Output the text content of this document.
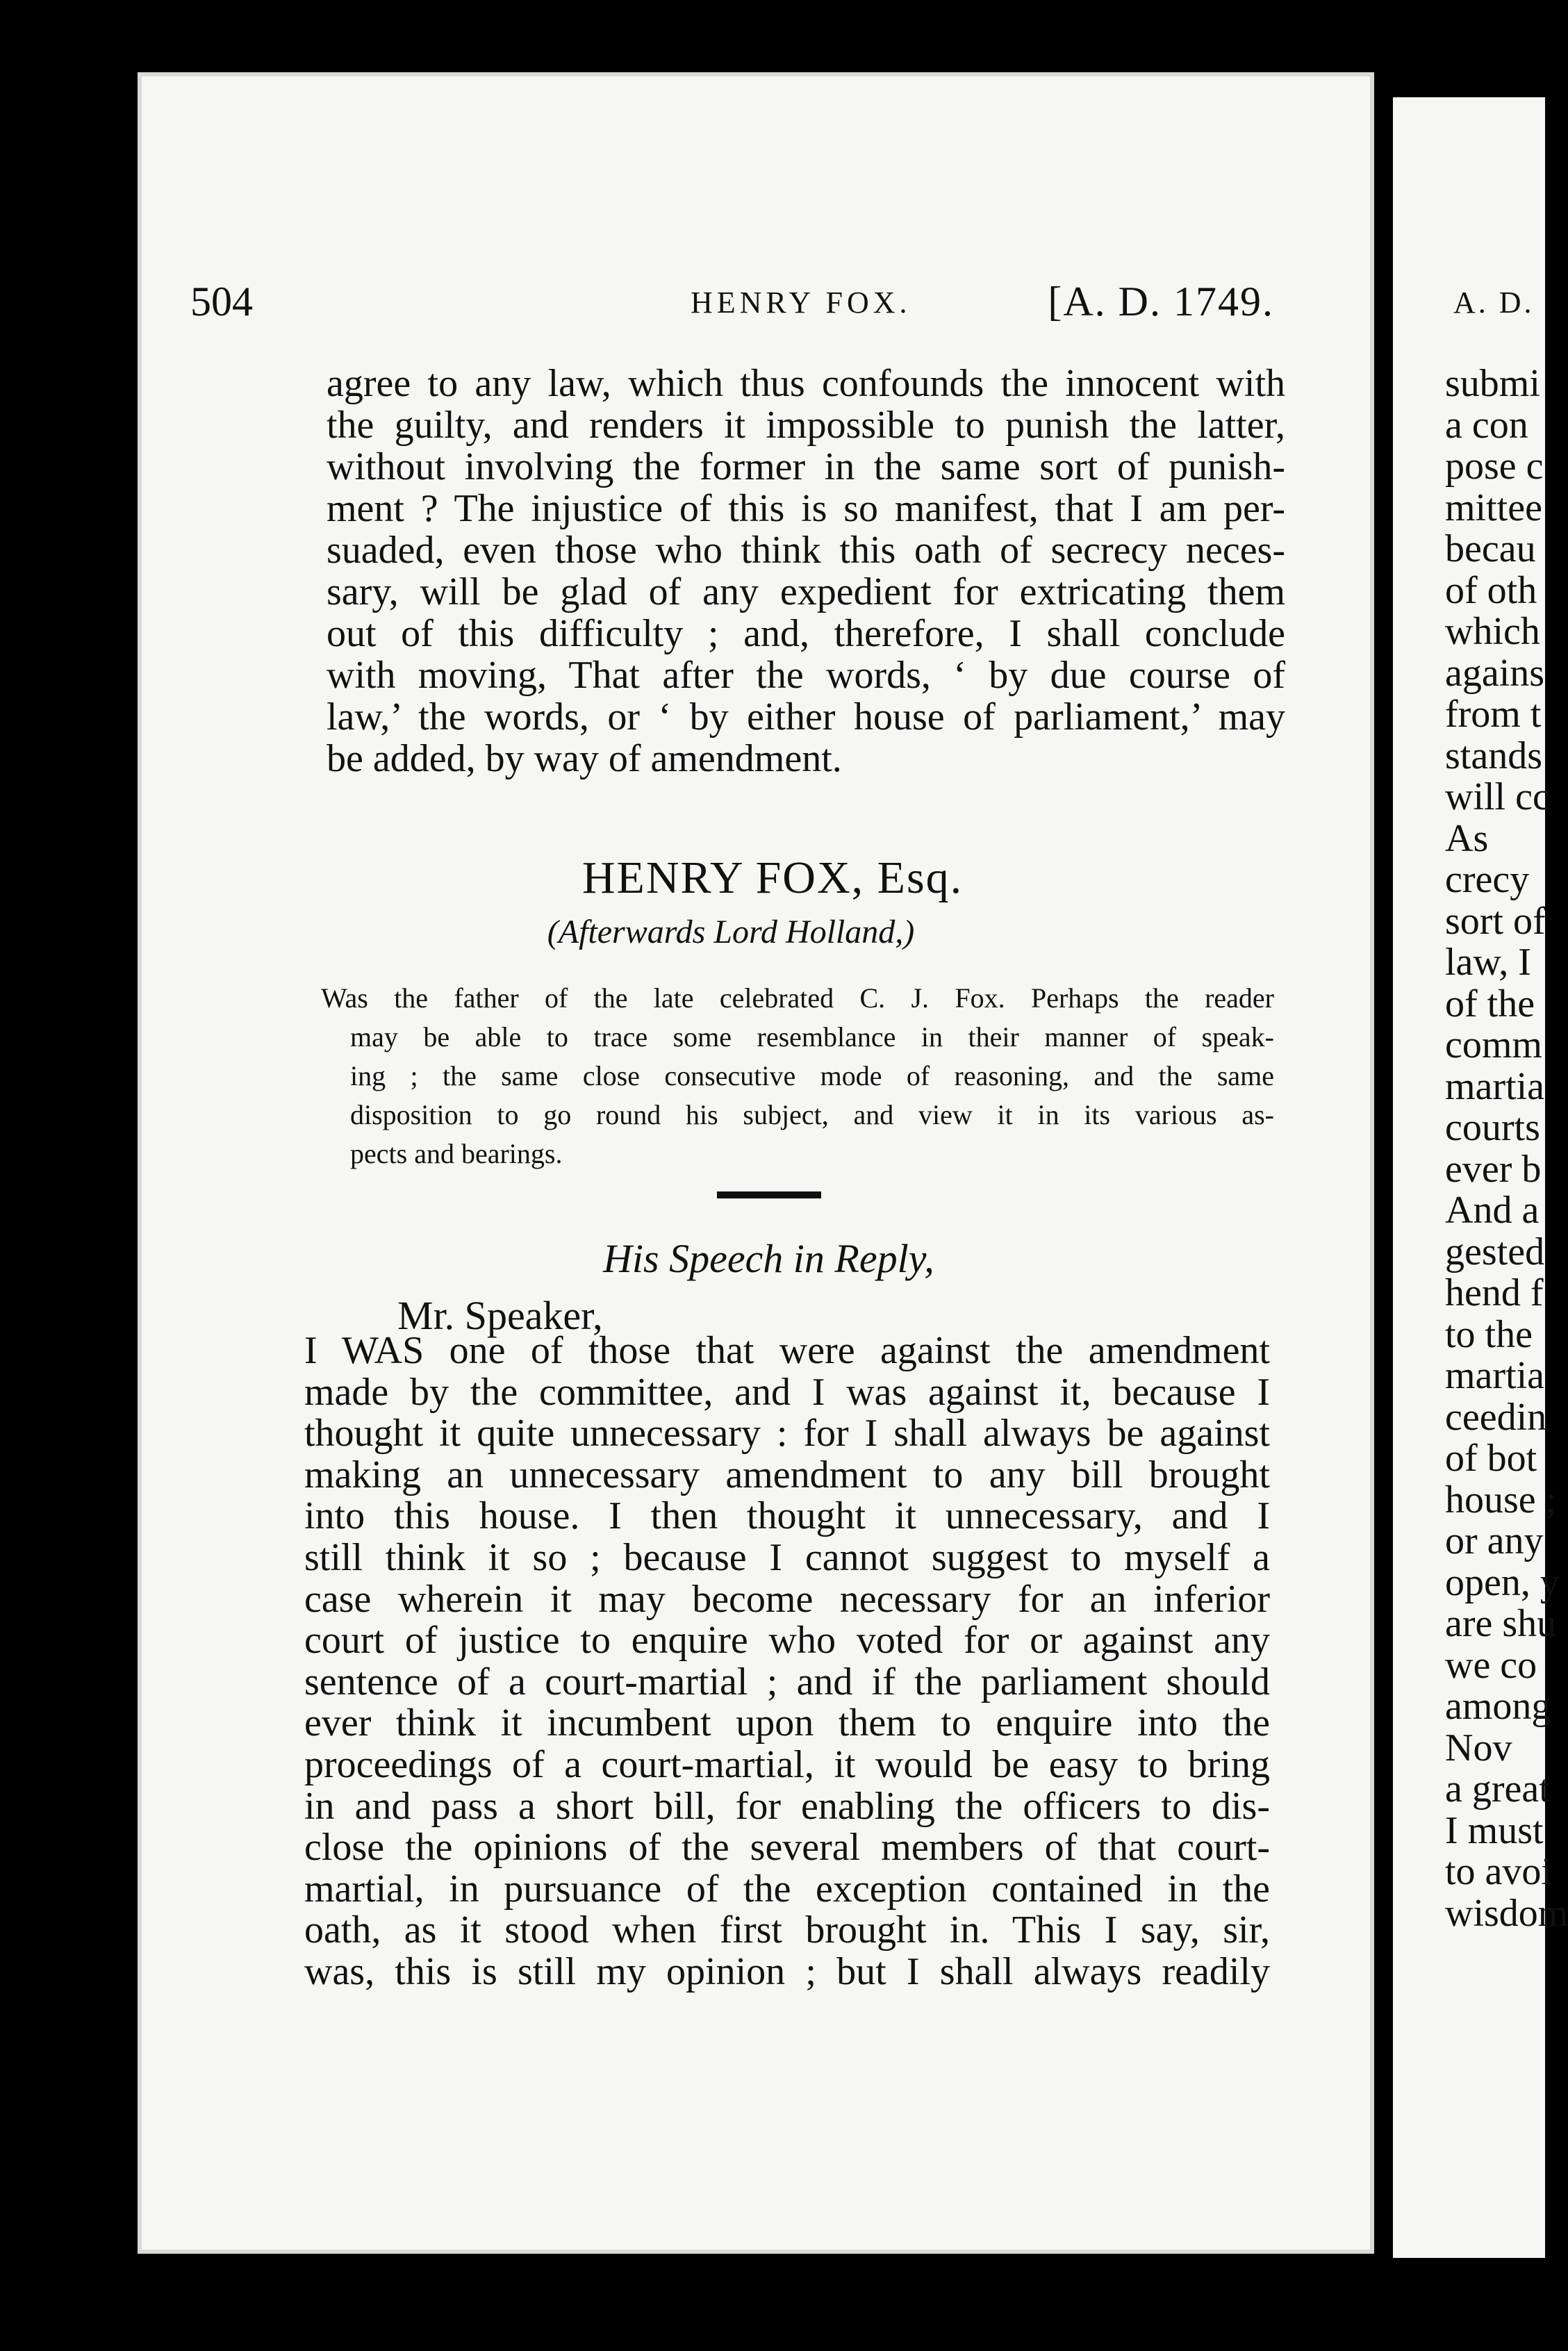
504	HENRY FOX.	[A. D. 1749.
agree to any law, which thus confounds the innocent with
the guilty, and renders it impossible to punish the latter,
without involving the former in the same sort of punish-
ment ? The injustice of this is so manifest, that I am per-
suaded, even those who think this oath of secrecy neces-
sary, will be glad of any expedient for extricating them
out of this difficulty ; and, therefore, I shall conclude
with moving, That after the words, ‘ by due course of
law,’ the words, or ‘ by either house of parliament,’ may
be added, by way of amendment.
HENRY FOX, Esq.
(Afterwards Lord Holland,)
Was the father of the late celebrated C. J. Fox. Perhaps the reader
may be able to trace some resemblance in their manner of speak-
ing ; the same close consecutive mode of reasoning, and the same
disposition to go round his subject, and view it in its various as-
pects and bearings.
His Speech in Reply,
Mr. Speaker,
I WAS one of those that were against the amendment
made by the committee, and I was against it, because I
thought it quite unnecessary : for I shall always be against
making an unnecessary amendment to any bill brought
into this house. I then thought it unnecessary, and I
still think it so ; because I cannot suggest to myself a
case wherein it may become necessary for an inferior
court of justice to enquire who voted for or against any
sentence of a court-martial ; and if the parliament should
ever think it incumbent upon them to enquire into the
proceedings of a court-martial, it would be easy to bring
in and pass a short bill, for enabling the officers to dis-
close the opinions of the several members of that court-
martial, in pursuance of the exception contained in the
oath, as it stood when first brought in. This I say, sir,
was, this is still my opinion ; but I shall always readily
A. D.
submi
a con
pose c
mittee
becau
of oth
which
agains
from t
stands
will cc
As
crecy
sort of
law, I
of the
comm
martia
courts
ever b
And a
gested
hend f
to the
martia
ceedin
of bot
house ;
or any
open, y
are shu
we co
among
Nov
a great
I must
to avoi
wisdom
